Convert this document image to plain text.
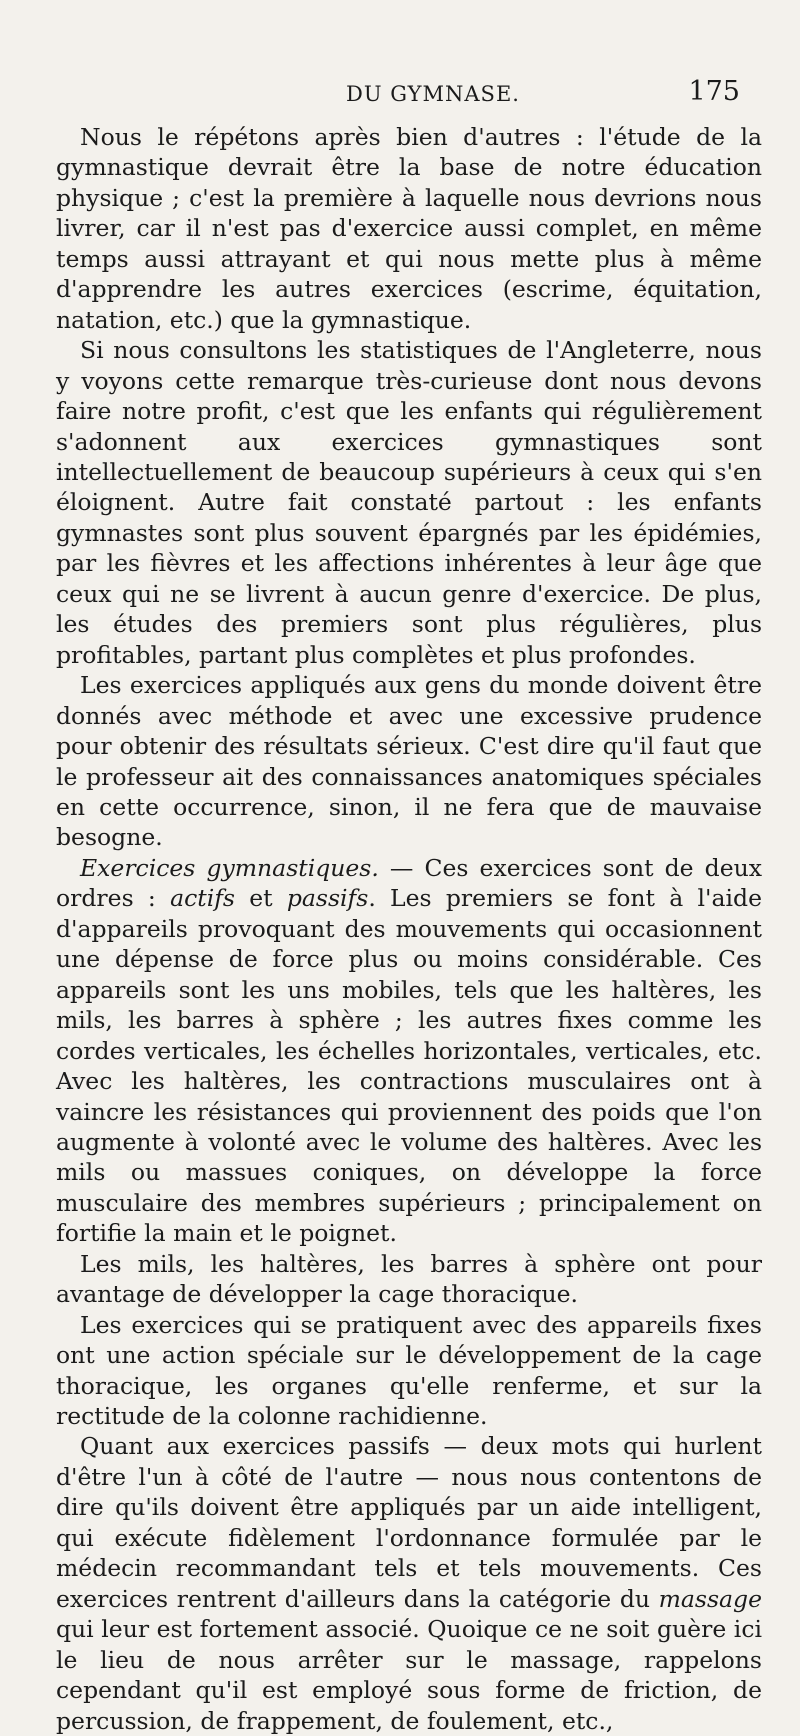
DU GYMNASE.	175

Nous le répétons après bien d'autres : l'étude de la gymnastique devrait être la base de notre éducation physique ; c'est la première à laquelle nous devrions nous livrer, car il n'est pas d'exercice aussi complet, en même temps aussi attrayant et qui nous mette plus à même d'apprendre les autres exercices (escrime, équitation, natation, etc.) que la gymnastique.

Si nous consultons les statistiques de l'Angleterre, nous y voyons cette remarque très-curieuse dont nous devons faire notre profit, c'est que les enfants qui régulièrement s'adonnent aux exercices gymnastiques sont intellectuellement de beaucoup supérieurs à ceux qui s'en éloignent. Autre fait constaté partout : les enfants gymnastes sont plus souvent épargnés par les épidémies, par les fièvres et les affections inhérentes à leur âge que ceux qui ne se livrent à aucun genre d'exercice. De plus, les études des premiers sont plus régulières, plus profitables, partant plus complètes et plus profondes.

Les exercices appliqués aux gens du monde doivent être donnés avec méthode et avec une excessive prudence pour obtenir des résultats sérieux. C'est dire qu'il faut que le professeur ait des connaissances anatomiques spéciales en cette occurrence, sinon, il ne fera que de mauvaise besogne.

Exercices gymnastiques. — Ces exercices sont de deux ordres : actifs et passifs. Les premiers se font à l'aide d'appareils provoquant des mouvements qui occasionnent une dépense de force plus ou moins considérable. Ces appareils sont les uns mobiles, tels que les haltères, les mils, les barres à sphère ; les autres fixes comme les cordes verticales, les échelles horizontales, verticales, etc. Avec les haltères, les contractions musculaires ont à vaincre les résistances qui proviennent des poids que l'on augmente à volonté avec le volume des haltères. Avec les mils ou massues coniques, on développe la force musculaire des membres supérieurs ; principalement on fortifie la main et le poignet.

Les mils, les haltères, les barres à sphère ont pour avantage de développer la cage thoracique.

Les exercices qui se pratiquent avec des appareils fixes ont une action spéciale sur le développement de la cage thoracique, les organes qu'elle renferme, et sur la rectitude de la colonne rachidienne.

Quant aux exercices passifs — deux mots qui hurlent d'être l'un à côté de l'autre — nous nous contentons de dire qu'ils doivent être appliqués par un aide intelligent, qui exécute fidèlement l'ordonnance formulée par le médecin recommandant tels et tels mouvements. Ces exercices rentrent d'ailleurs dans la catégorie du massage qui leur est fortement associé. Quoique ce ne soit guère ici le lieu de nous arrêter sur le massage, rappelons cependant qu'il est employé sous forme de friction, de percussion, de frappement, de foulement, etc.,
